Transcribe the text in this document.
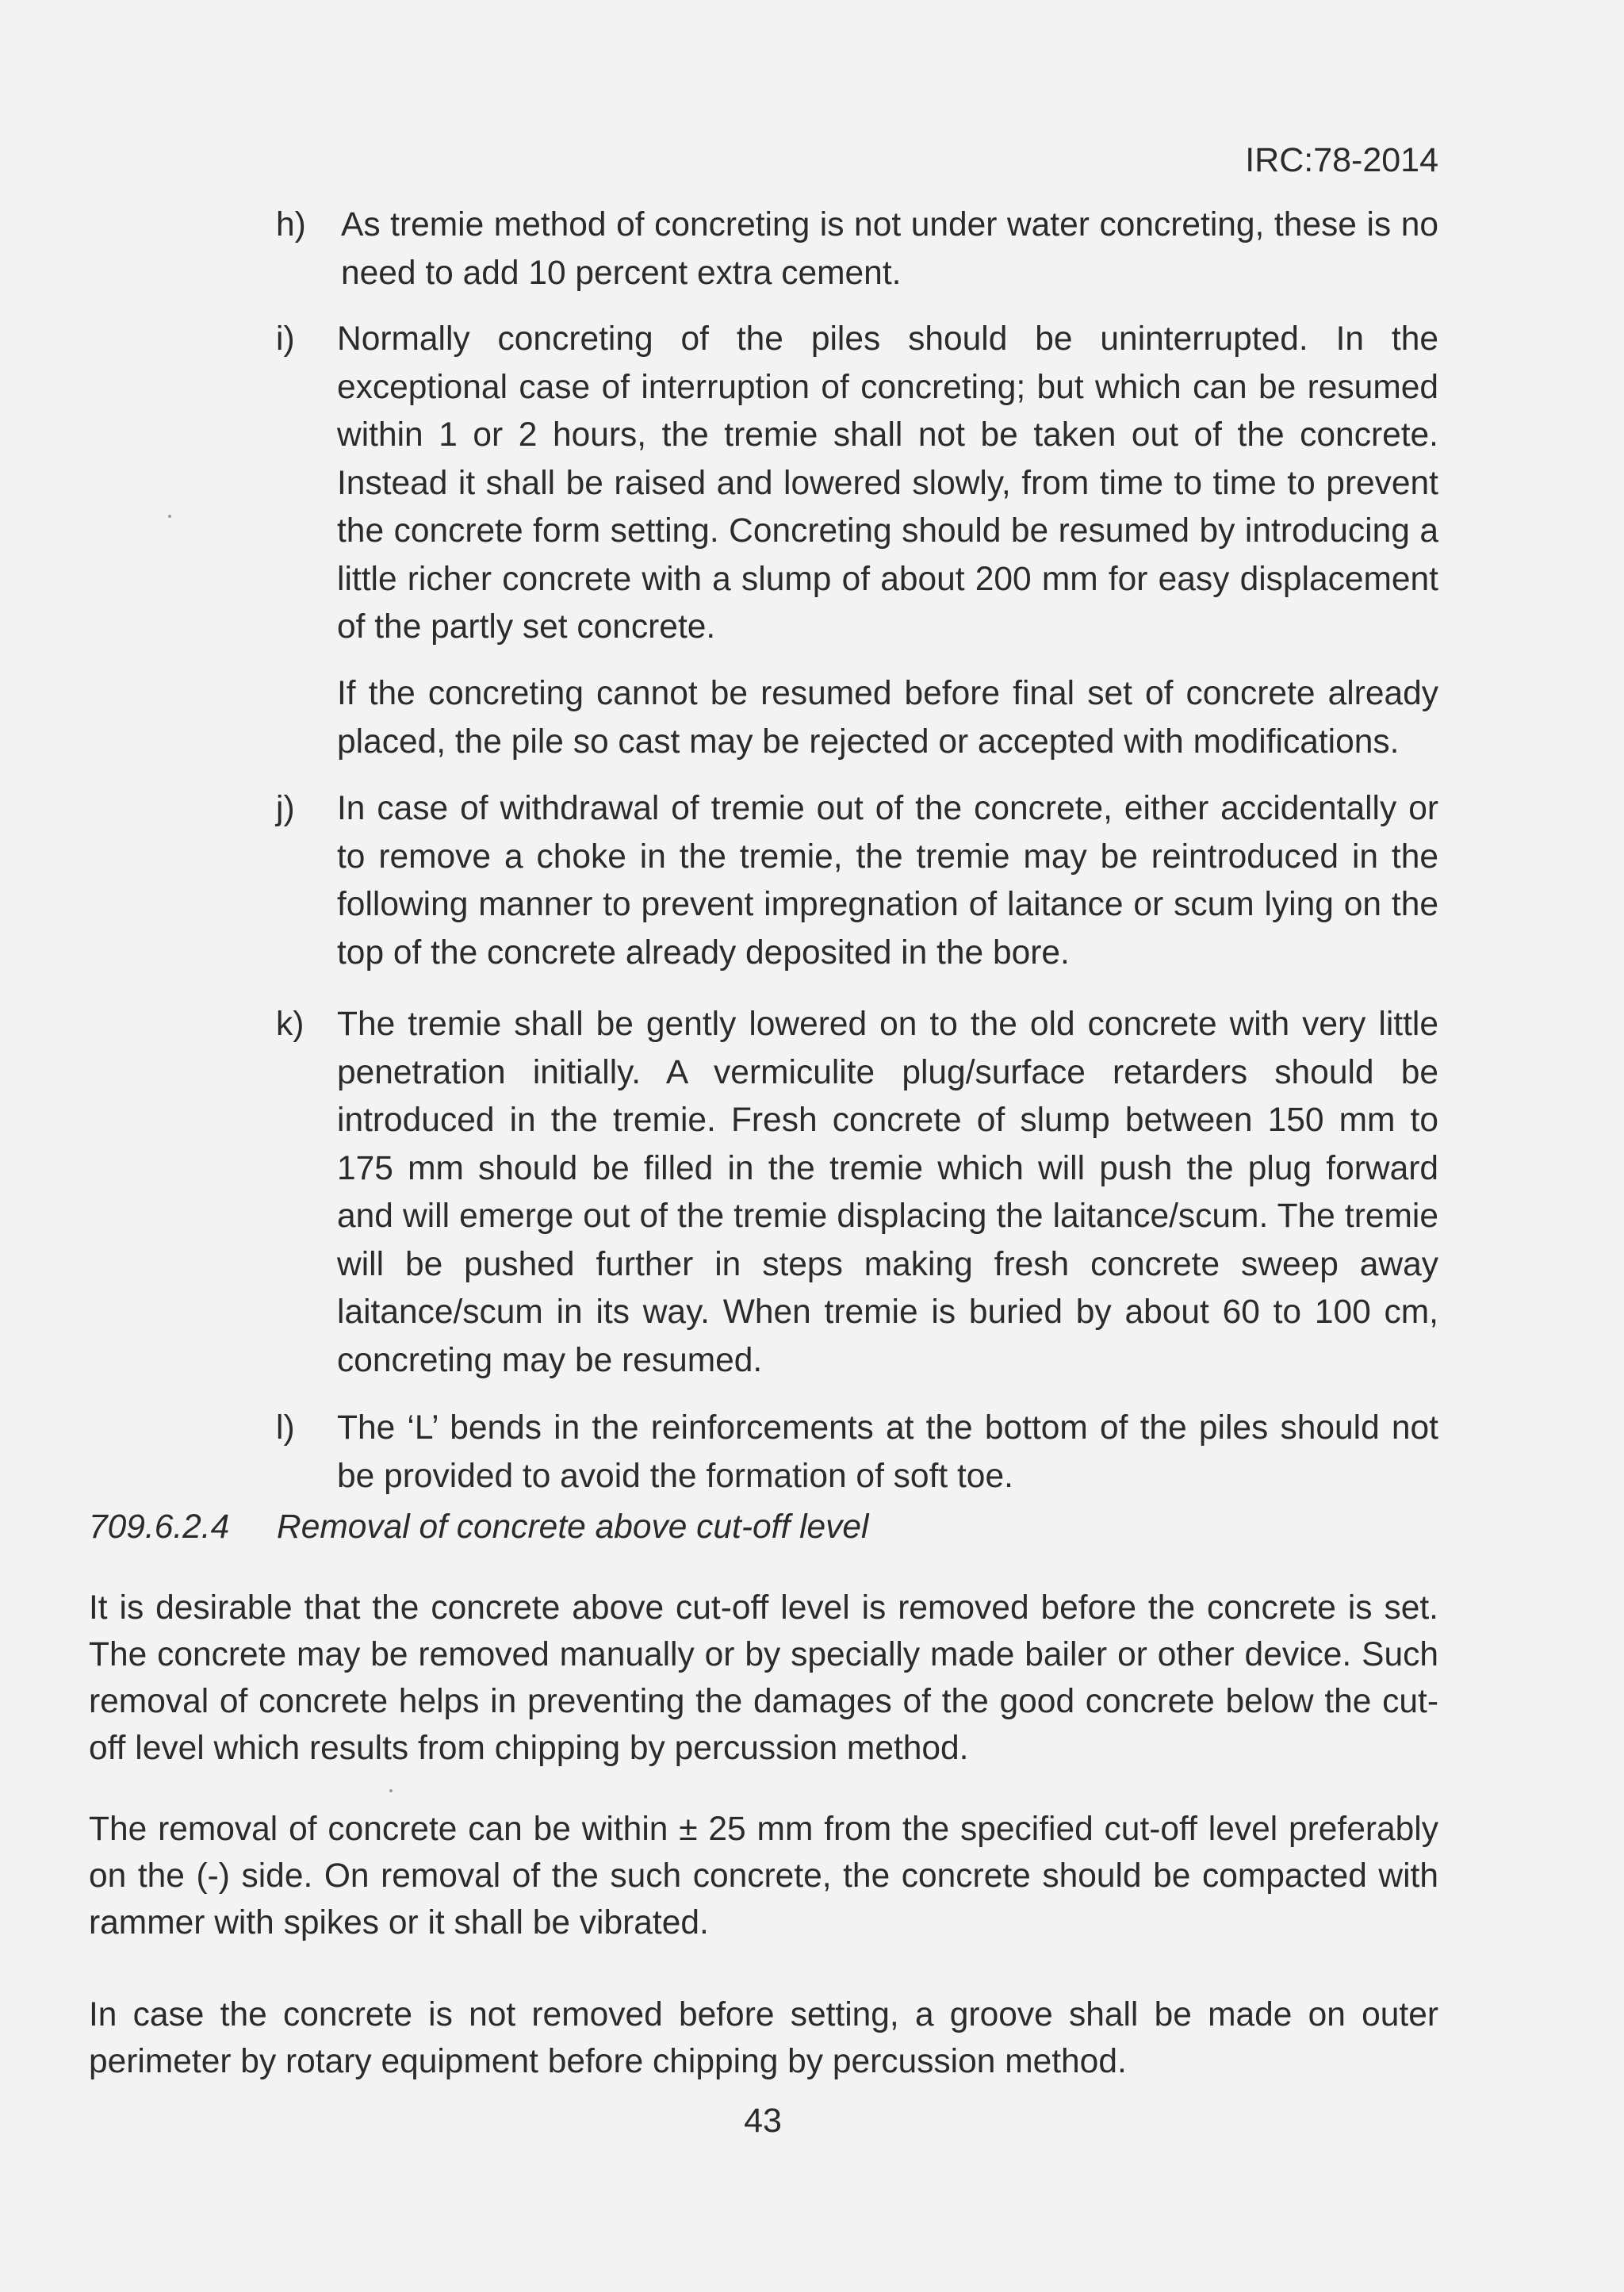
IRC:78-2014
h) As tremie method of concreting is not under water concreting, these is no need to add 10 percent extra cement.
i) Normally concreting of the piles should be uninterrupted. In the exceptional case of interruption of concreting; but which can be resumed within 1 or 2 hours, the tremie shall not be taken out of the concrete. Instead it shall be raised and lowered slowly, from time to time to prevent the concrete form setting. Concreting should be resumed by introducing a little richer concrete with a slump of about 200 mm for easy displacement of the partly set concrete.
If the concreting cannot be resumed before final set of concrete already placed, the pile so cast may be rejected or accepted with modifications.
j) In case of withdrawal of tremie out of the concrete, either accidentally or to remove a choke in the tremie, the tremie may be reintroduced in the following manner to prevent impregnation of laitance or scum lying on the top of the concrete already deposited in the bore.
k) The tremie shall be gently lowered on to the old concrete with very little penetration initially. A vermiculite plug/surface retarders should be introduced in the tremie. Fresh concrete of slump between 150 mm to 175 mm should be filled in the tremie which will push the plug forward and will emerge out of the tremie displacing the laitance/scum. The tremie will be pushed further in steps making fresh concrete sweep away laitance/scum in its way. When tremie is buried by about 60 to 100 cm, concreting may be resumed.
l) The ‘L’ bends in the reinforcements at the bottom of the piles should not be provided to avoid the formation of soft toe.
709.6.2.4 Removal of concrete above cut-off level
It is desirable that the concrete above cut-off level is removed before the concrete is set. The concrete may be removed manually or by specially made bailer or other device. Such removal of concrete helps in preventing the damages of the good concrete below the cut-off level which results from chipping by percussion method.
The removal of concrete can be within ± 25 mm from the specified cut-off level preferably on the (-) side. On removal of the such concrete, the concrete should be compacted with rammer with spikes or it shall be vibrated.
In case the concrete is not removed before setting, a groove shall be made on outer perimeter by rotary equipment before chipping by percussion method.
43
